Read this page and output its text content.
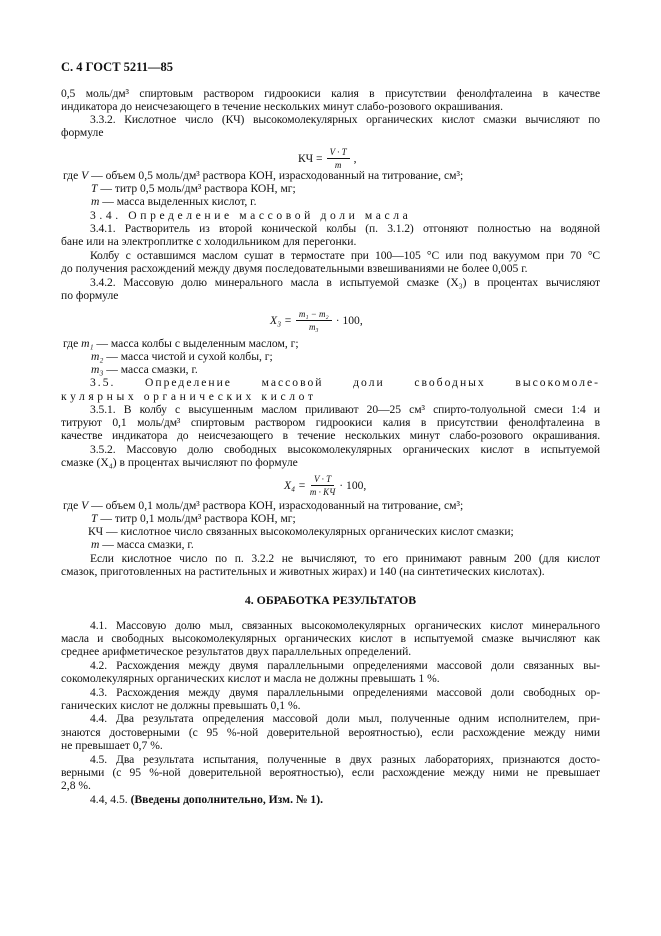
С. 4 ГОСТ 5211—85
0,5 моль/дм³ спиртовым раствором гидроокиси калия в присутствии фенолфталеина в качестве
индикатора до неисчезающего в течение нескольких минут слабо-розового окрашивания.
3.3.2. Кислотное число (КЧ) высокомолекулярных органических кислот смазки вычисляют по
формуле
где V — объем 0,5 моль/дм³ раствора КОН, израсходованный на титрование, см³;
T — титр 0,5 моль/дм³ раствора КОН, мг;
m — масса выделенных кислот, г.
3.4. Определение массовой доли масла
3.4.1. Растворитель из второй конической колбы (п. 3.1.2) отгоняют полностью на водяной
бане или на электроплитке с холодильником для перегонки.
Колбу с оставшимся маслом сушат в термостате при 100—105 °С или под вакуумом при 70 °С
до получения расхождений между двумя последовательными взвешиваниями не более 0,005 г.
3.4.2. Массовую долю минерального масла в испытуемой смазке (X₃) в процентах вычисляют
по формуле
где m₁ — масса колбы с выделенным маслом, г;
m₂ — масса чистой и сухой колбы, г;
m₃ — масса смазки, г.
3.5. Определение массовой доли свободных высокомоле-
кулярных органических кислот
3.5.1. В колбу с высушенным маслом приливают 20—25 см³ спирто-толуольной смеси 1:4 и
титруют 0,1 моль/дм³ спиртовым раствором гидроокиси калия в присутствии фенолфталеина в
качестве индикатора до неисчезающего в течение нескольких минут слабо-розового окрашивания.
3.5.2. Массовую долю свободных высокомолекулярных органических кислот в испытуемой
смазке (X₄) в процентах вычисляют по формуле
где V — объем 0,1 моль/дм³ раствора КОН, израсходованный на титрование, см³;
T — титр 0,1 моль/дм³ раствора КОН, мг;
КЧ — кислотное число связанных высокомолекулярных органических кислот смазки;
m — масса смазки, г.
Если кислотное число по п. 3.2.2 не вычисляют, то его принимают равным 200 (для кислот
смазок, приготовленных на растительных и животных жирах) и 140 (на синтетических кислотах).
4.1. Массовую долю мыл, связанных высокомолекулярных органических кислот минерального
масла и свободных высокомолекулярных органических кислот в испытуемой смазке вычисляют как
среднее арифметическое результатов двух параллельных определений.
4.2. Расхождения между двумя параллельными определениями массовой доли связанных вы-
сокомолекулярных органических кислот и масла не должны превышать 1 %.
4.3. Расхождения между двумя параллельными определениями массовой доли свободных ор-
ганических кислот не должны превышать 0,1 %.
4.4. Два результата определения массовой доли мыл, полученные одним исполнителем, при-
знаются достоверными (с 95 %-ной доверительной вероятностью), если расхождение между ними
не превышает 0,7 %.
4.5. Два результата испытания, полученные в двух разных лабораториях, признаются досто-
верными (с 95 %-ной доверительной вероятностью), если расхождение между ними не превышает
2,8 %.
4.4, 4.5. (Введены дополнительно, Изм. № 1).
КЧ = $\frac{V \cdot T}{m}$ ,
$X_3 = \frac{\text{m₁ − m₂}}{\text{m₃}} \cdot 100$,
$X_4 = \frac{V \cdot T}{m \cdot КЧ} \cdot 100$,
4. ОБРАБОТКА РЕЗУЛЬТАТОВ
